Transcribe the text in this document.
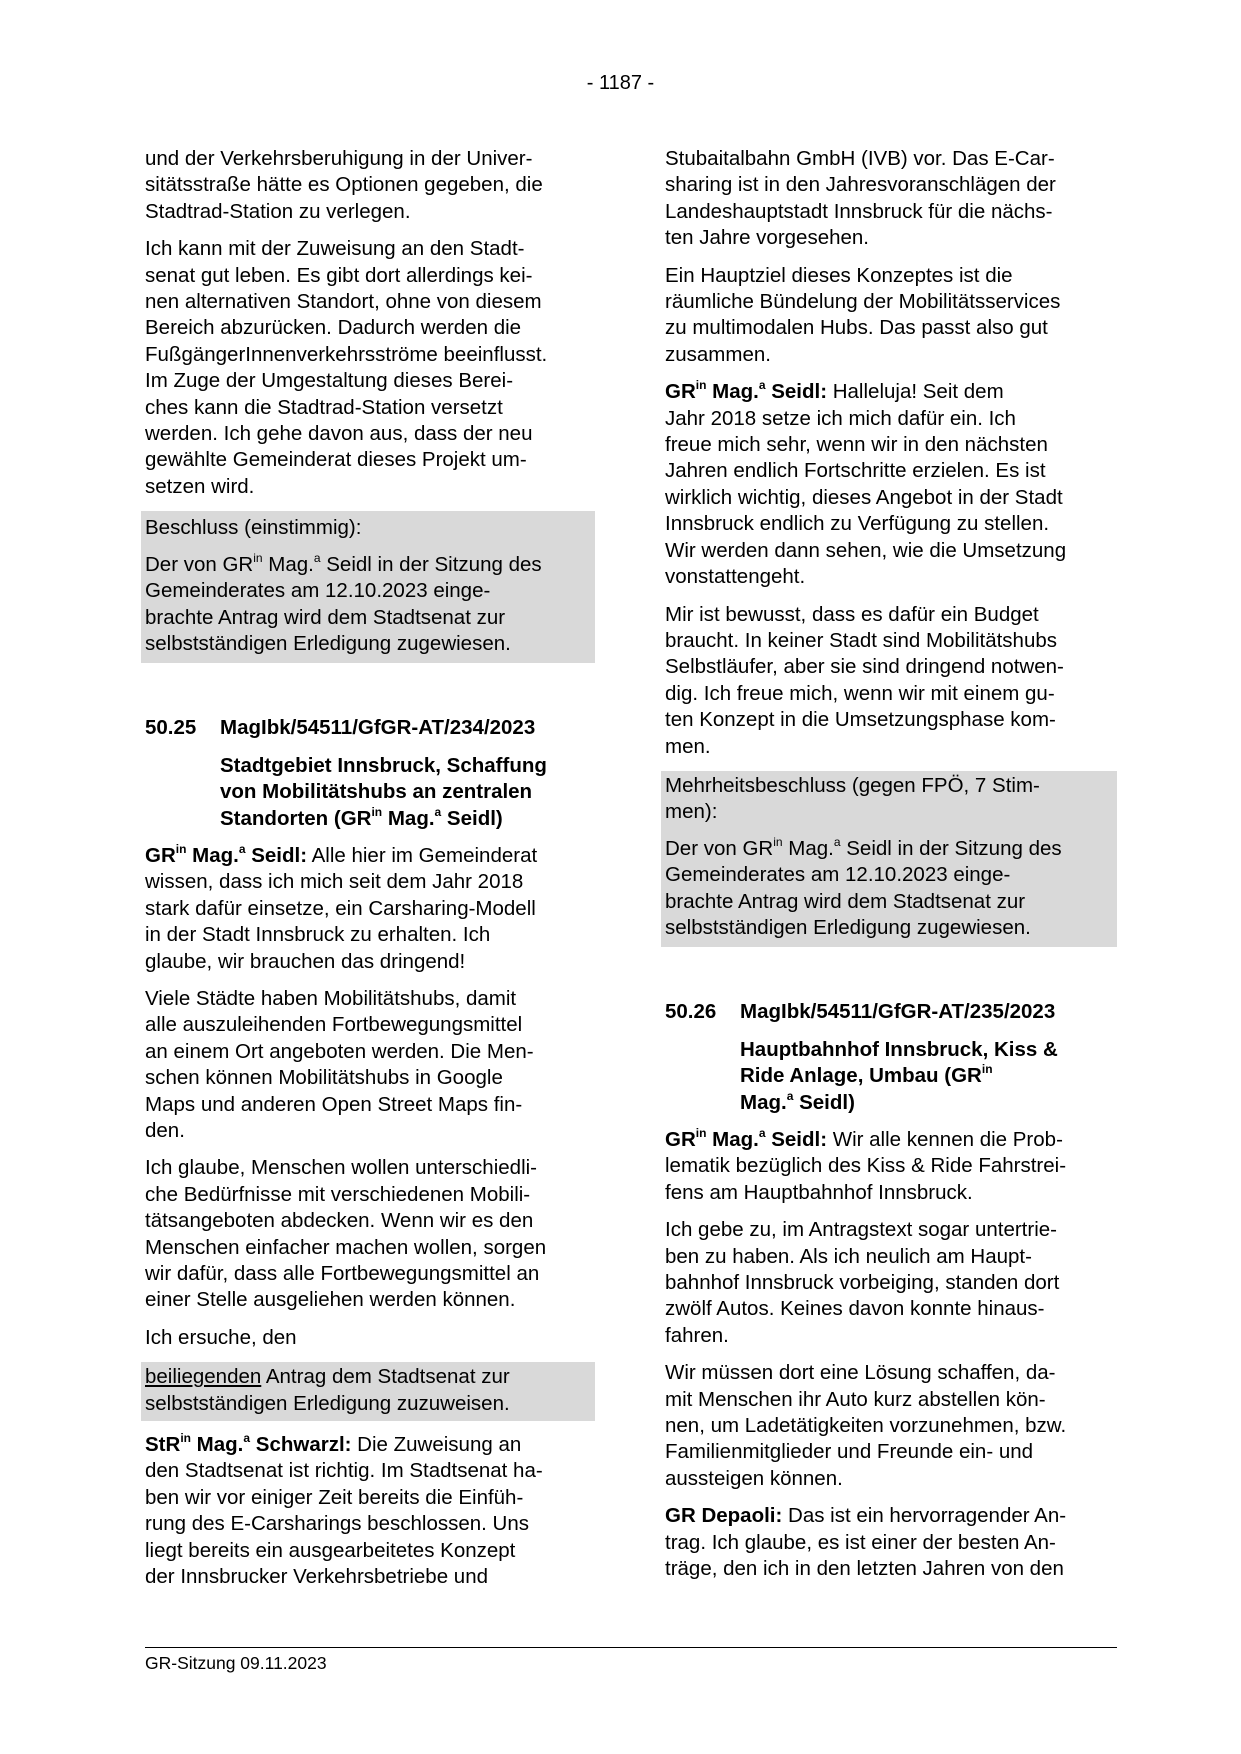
- 1187 -

und der Verkehrsberuhigung in der Univer-
sitätsstraße hätte es Optionen gegeben, die
Stadtrad-Station zu verlegen.

Ich kann mit der Zuweisung an den Stadt-
senat gut leben. Es gibt dort allerdings kei-
nen alternativen Standort, ohne von diesem
Bereich abzurücken. Dadurch werden die
FußgängerInnenverkehrsströme beeinflusst.
Im Zuge der Umgestaltung dieses Berei-
ches kann die Stadtrad-Station versetzt
werden. Ich gehe davon aus, dass der neu
gewählte Gemeinderat dieses Projekt um-
setzen wird.

Beschluss (einstimmig):

Der von $GR^{in}$ Mag.$^a$ Seidl in der Sitzung des
Gemeinderates am 12.10.2023 einge-
brachte Antrag wird dem Stadtsenat zur
selbstständigen Erledigung zugewiesen.

50.25	MagIbk/54511/GfGR-AT/234/2023
Stadtgebiet Innsbruck, Schaffung
von Mobilitätshubs an zentralen
Standorten ($GR^{in}$ Mag.$^a$ Seidl)

$GR^{in}$ Mag.$^a$ Seidl: Alle hier im Gemeinderat
wissen, dass ich mich seit dem Jahr 2018
stark dafür einsetze, ein Carsharing-Modell
in der Stadt Innsbruck zu erhalten. Ich
glaube, wir brauchen das dringend!

Viele Städte haben Mobilitätshubs, damit
alle auszuleihenden Fortbewegungsmittel
an einem Ort angeboten werden. Die Men-
schen können Mobilitätshubs in Google
Maps und anderen Open Street Maps fin-
den.

Ich glaube, Menschen wollen unterschiedli-
che Bedürfnisse mit verschiedenen Mobili-
tätsangeboten abdecken. Wenn wir es den
Menschen einfacher machen wollen, sorgen
wir dafür, dass alle Fortbewegungsmittel an
einer Stelle ausgeliehen werden können.

Ich ersuche, den

beiliegenden Antrag dem Stadtsenat zur
selbstständigen Erledigung zuzuweisen.

StR$^{in}$ Mag.$^a$ Schwarzl: Die Zuweisung an
den Stadtsenat ist richtig. Im Stadtsenat ha-
ben wir vor einiger Zeit bereits die Einfüh-
rung des E-Carsharings beschlossen. Uns
liegt bereits ein ausgearbeitetes Konzept
der Innsbrucker Verkehrsbetriebe und

Stubaitalbahn GmbH (IVB) vor. Das E-Car-
sharing ist in den Jahresvoranschlägen der
Landeshauptstadt Innsbruck für die nächs-
ten Jahre vorgesehen.

Ein Hauptziel dieses Konzeptes ist die
räumliche Bündelung der Mobilitätsservices
zu multimodalen Hubs. Das passt also gut
zusammen.

$GR^{in}$ Mag.$^a$ Seidl: Halleluja! Seit dem
Jahr 2018 setze ich mich dafür ein. Ich
freue mich sehr, wenn wir in den nächsten
Jahren endlich Fortschritte erzielen. Es ist
wirklich wichtig, dieses Angebot in der Stadt
Innsbruck endlich zu Verfügung zu stellen.
Wir werden dann sehen, wie die Umsetzung
vonstattengeht.

Mir ist bewusst, dass es dafür ein Budget
braucht. In keiner Stadt sind Mobilitätshubs
Selbstläufer, aber sie sind dringend notwen-
dig. Ich freue mich, wenn wir mit einem gu-
ten Konzept in die Umsetzungsphase kom-
men.

Mehrheitsbeschluss (gegen FPÖ, 7 Stim-
men):

Der von $GR^{in}$ Mag.$^a$ Seidl in der Sitzung des
Gemeinderates am 12.10.2023 einge-
brachte Antrag wird dem Stadtsenat zur
selbstständigen Erledigung zugewiesen.

50.26	MagIbk/54511/GfGR-AT/235/2023
Hauptbahnhof Innsbruck, Kiss &
Ride Anlage, Umbau ($GR^{in}$
Mag.$^a$ Seidl)

$GR^{in}$ Mag.$^a$ Seidl: Wir alle kennen die Prob-
lematik bezüglich des Kiss & Ride Fahrstrei-
fens am Hauptbahnhof Innsbruck.

Ich gebe zu, im Antragstext sogar untertrie-
ben zu haben. Als ich neulich am Haupt-
bahnhof Innsbruck vorbeiging, standen dort
zwölf Autos. Keines davon konnte hinaus-
fahren.

Wir müssen dort eine Lösung schaffen, da-
mit Menschen ihr Auto kurz abstellen kön-
nen, um Ladetätigkeiten vorzunehmen, bzw.
Familienmitglieder und Freunde ein- und
aussteigen können.

GR Depaoli: Das ist ein hervorragender An-
trag. Ich glaube, es ist einer der besten An-
träge, den ich in den letzten Jahren von den

GR-Sitzung 09.11.2023
